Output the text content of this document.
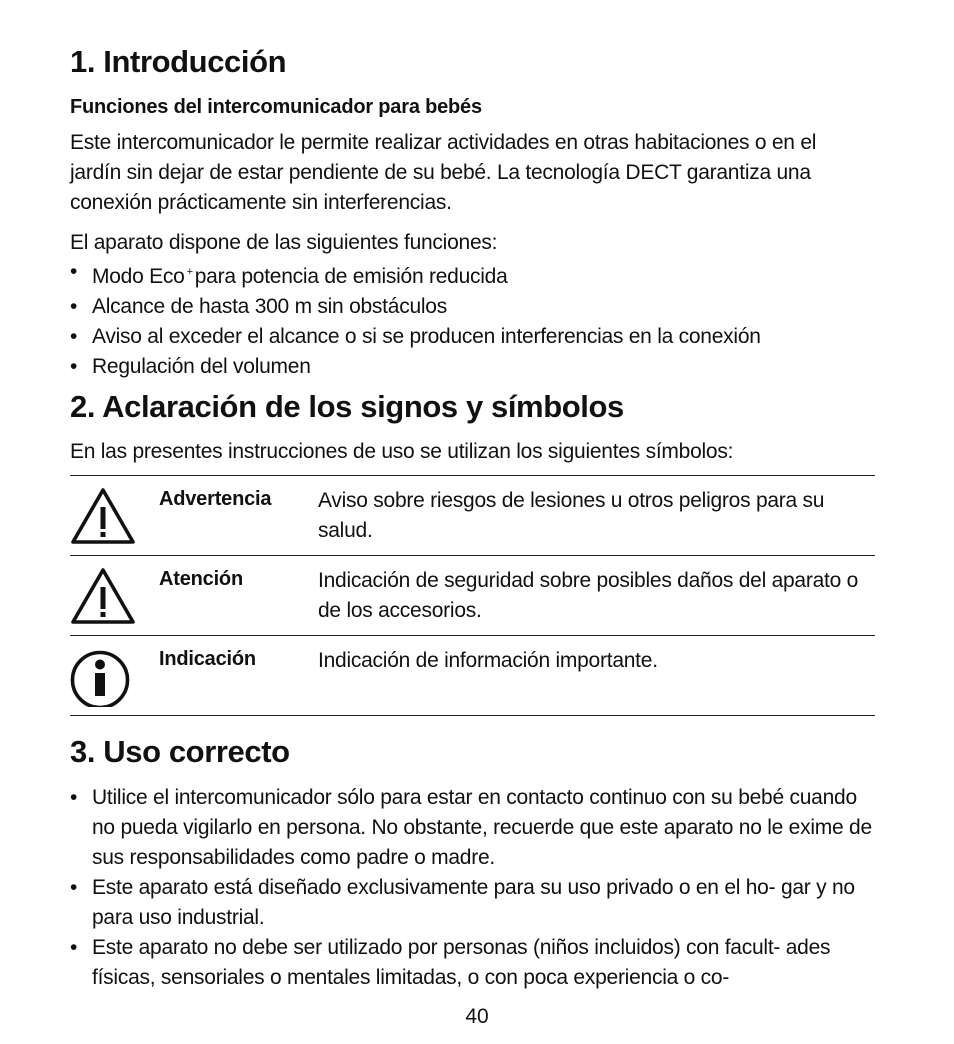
1. Introducción
Funciones del intercomunicador para bebés

Este intercomunicador le permite realizar actividades en otras habitaciones o en el jardín sin dejar de estar pendiente de su bebé. La tecnología DECT garantiza una conexión prácticamente sin interferencias.

El aparato dispone de las siguientes funciones:

• Modo Eco +para potencia de emisión reducida
• Alcance de hasta 300 m sin obstáculos
• Aviso al exceder el alcance o si se producen interferencias en la conexión
• Regulación del volumen
2. Aclaración de los signos y símbolos

En las presentes instrucciones de uso se utilizan los siguientes símbolos:

Advertencia Aviso sobre riesgos de lesiones u otros peligros para su salud.
Atención	Indicación de seguridad sobre posibles daños del aparato o de los accesorios.
Indicación	Indicación de información importante.
3. Uso correcto
• Utilice el intercomunicador sólo para estar en contacto continuo con su bebé cuando no pueda vigilarlo en persona. No obstante, recuerde que este aparato no le exime de sus responsabilidades como padre o madre.
• Este aparato está diseñado exclusivamente para su uso privado o en el ho- gar y no para uso industrial.
• Este aparato no debe ser utilizado por personas (niños incluidos) con facult- ades físicas, sensoriales o mentales limitadas, o con poca experiencia o co-
40
